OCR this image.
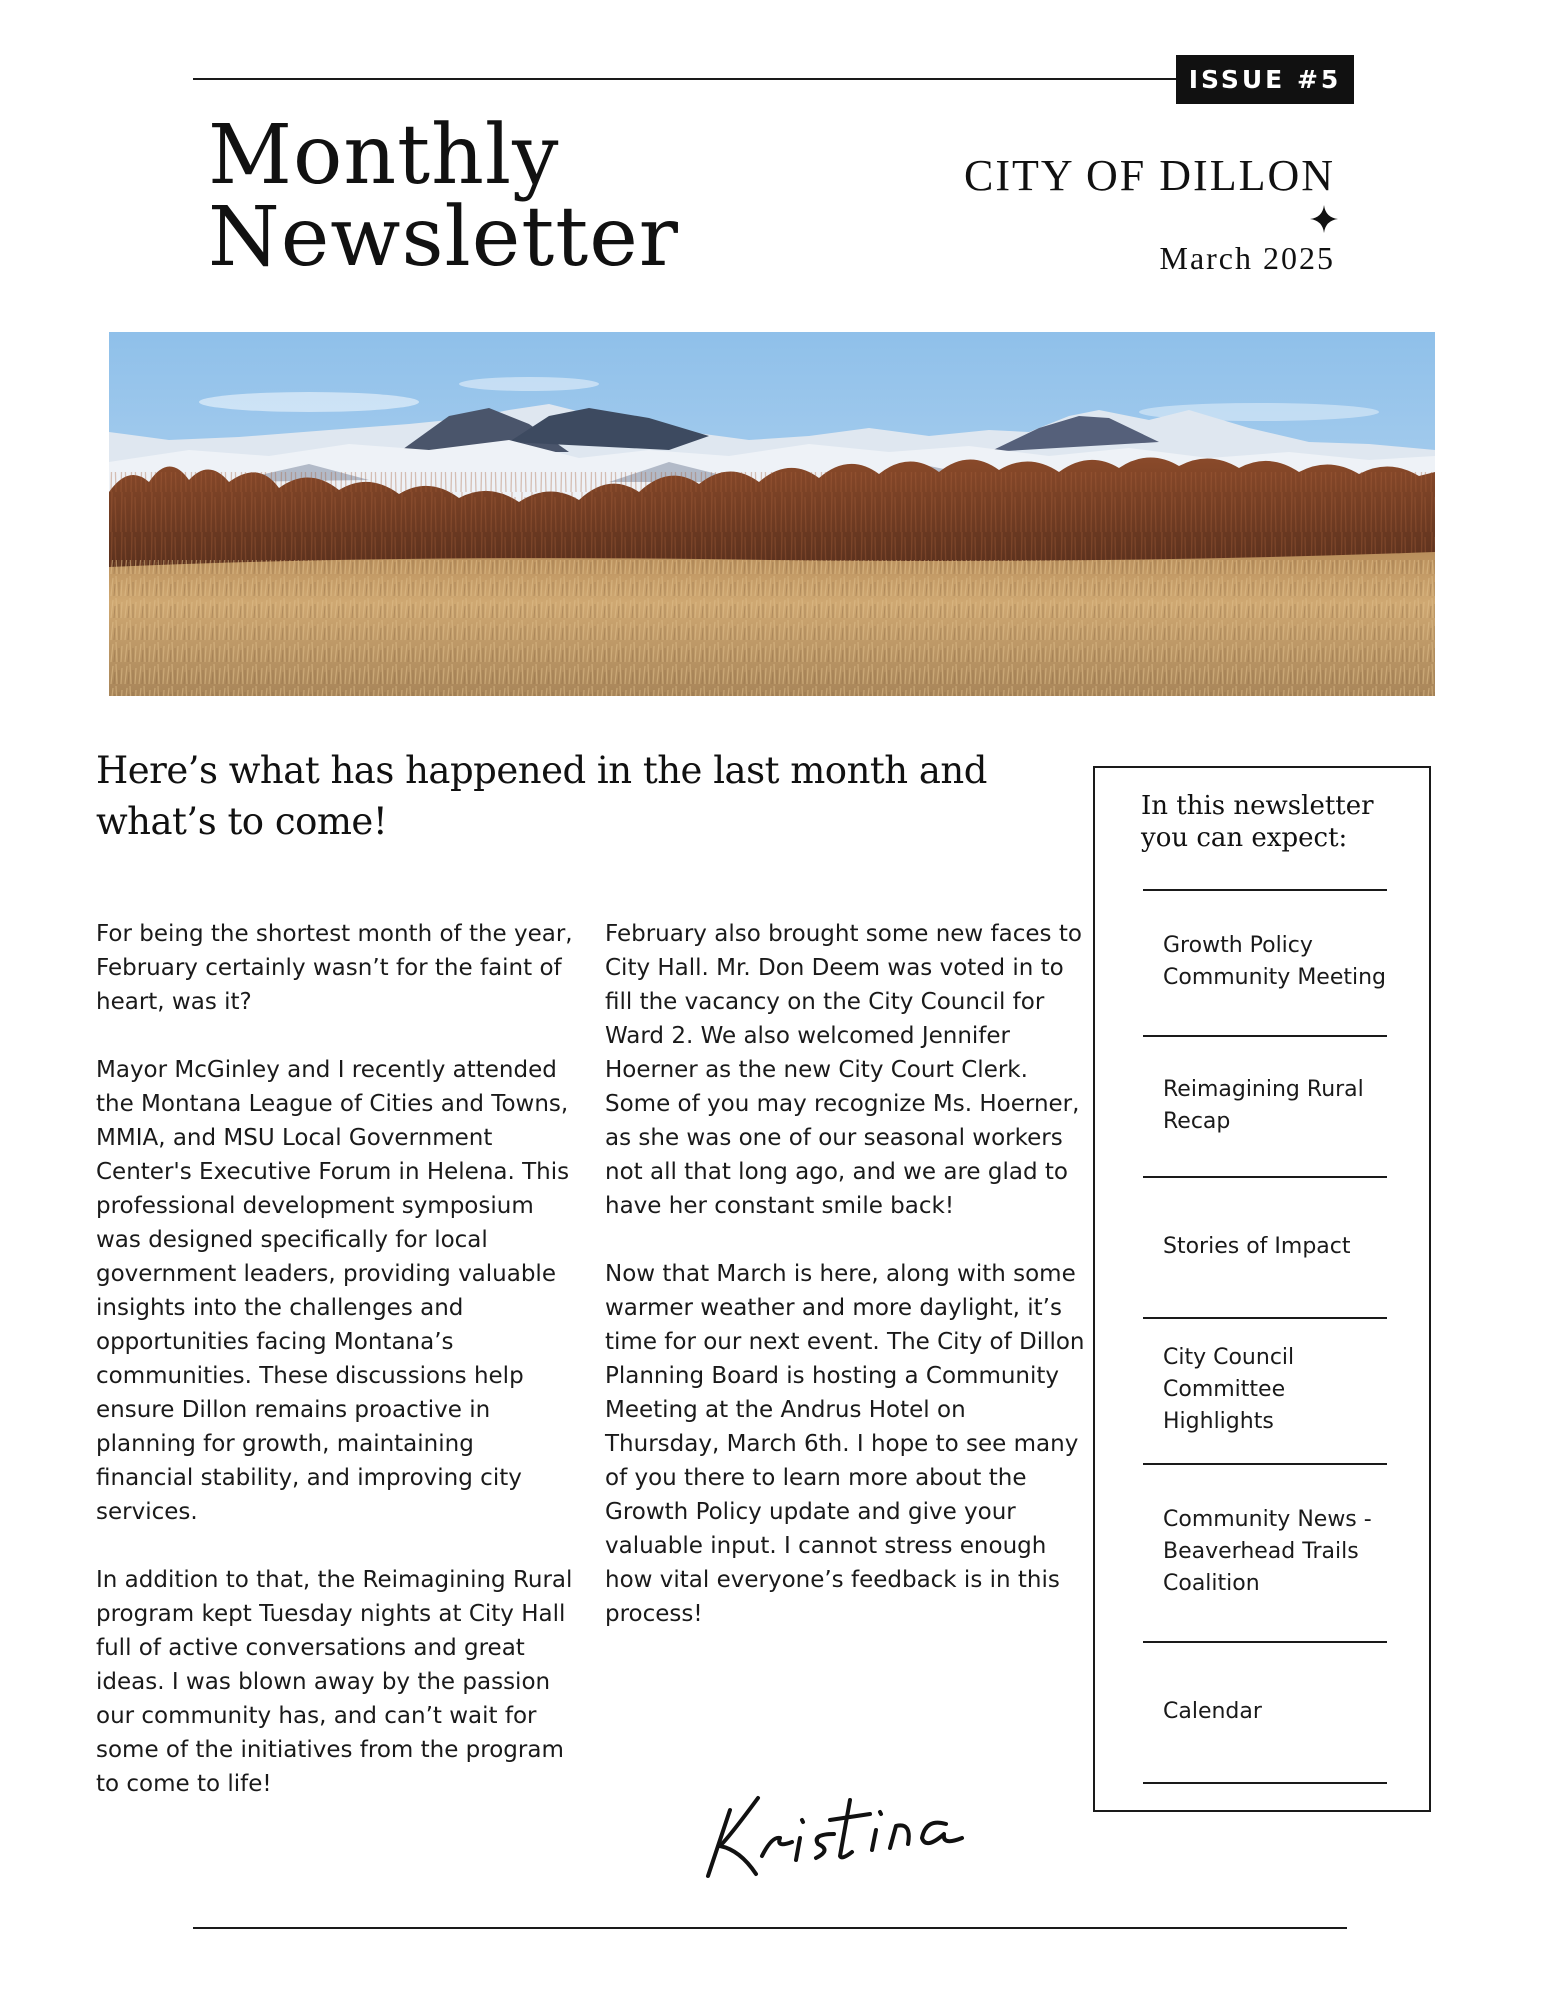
ISSUE #5
Monthly
Newsletter
CITY OF DILLON
March 2025
Here’s what has happened in the last month and what’s to come!

For being the shortest month of the year, February certainly wasn’t for the faint of heart, was it?

Mayor McGinley and I recently attended the Montana League of Cities and Towns, MMIA, and MSU Local Government Center's Executive Forum in Helena. This professional development symposium was designed specifically for local government leaders, providing valuable insights into the challenges and opportunities facing Montana’s communities. These discussions help ensure Dillon remains proactive in planning for growth, maintaining financial stability, and improving city services.

In addition to that, the Reimagining Rural program kept Tuesday nights at City Hall full of active conversations and great ideas. I was blown away by the passion our community has, and can’t wait for some of the initiatives from the program to come to life!

February also brought some new faces to City Hall. Mr. Don Deem was voted in to fill the vacancy on the City Council for Ward 2. We also welcomed Jennifer Hoerner as the new City Court Clerk. Some of you may recognize Ms. Hoerner, as she was one of our seasonal workers not all that long ago, and we are glad to have her constant smile back!

Now that March is here, along with some warmer weather and more daylight, it’s time for our next event. The City of Dillon Planning Board is hosting a Community Meeting at the Andrus Hotel on Thursday, March 6th. I hope to see many of you there to learn more about the Growth Policy update and give your valuable input. I cannot stress enough how vital everyone’s feedback is in this process!

In this newsletter you can expect:
Growth Policy Community Meeting
Reimagining Rural Recap
Stories of Impact
City Council Committee Highlights
Community News - Beaverhead Trails Coalition
Calendar
